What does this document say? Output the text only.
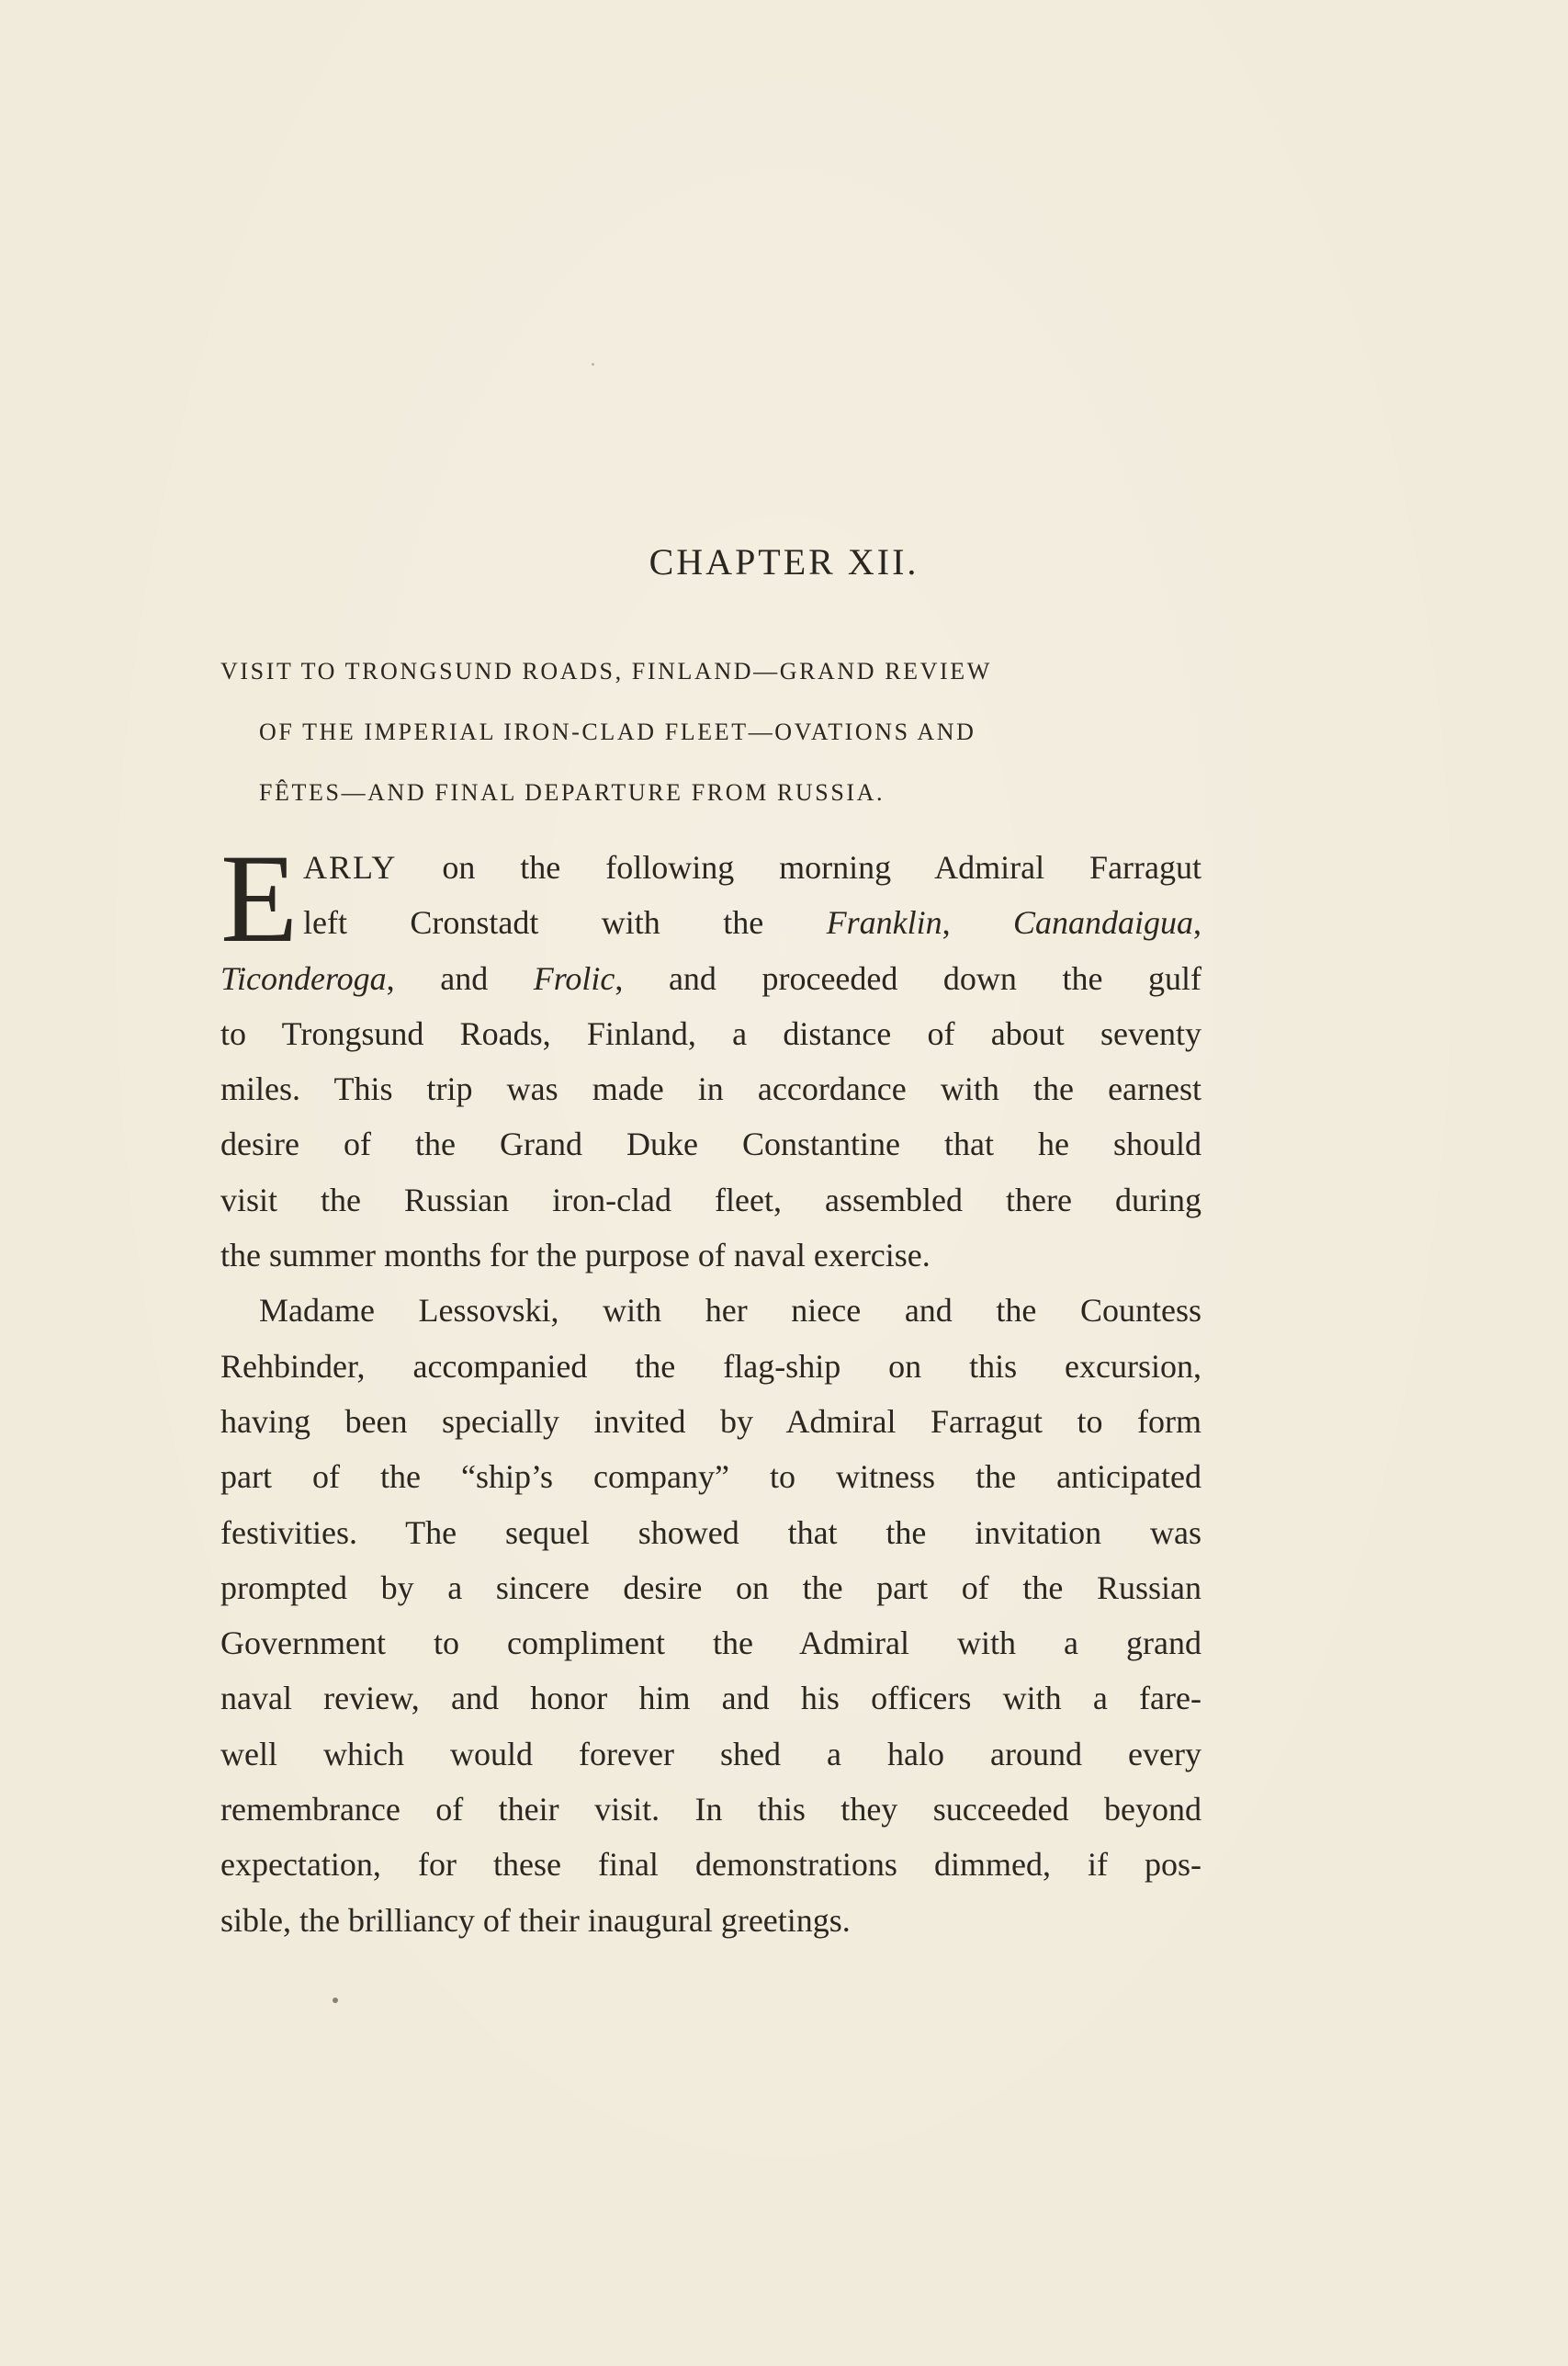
CHAPTER XII.

VISIT TO TRONGSUND ROADS, FINLAND—GRAND REVIEW
OF THE IMPERIAL IRON-CLAD FLEET—OVATIONS AND
FÊTES—AND FINAL DEPARTURE FROM RUSSIA.

E ARLY on the following morning Admiral Farragut
left Cronstadt with the Franklin, Canandaigua,
Ticonderoga, and Frolic, and proceeded down the gulf
to Trongsund Roads, Finland, a distance of about seventy
miles. This trip was made in accordance with the earnest
desire of the Grand Duke Constantine that he should
visit the Russian iron-clad fleet, assembled there during
the summer months for the purpose of naval exercise.
Madame Lessovski, with her niece and the Countess
Rehbinder, accompanied the flag-ship on this excursion,
having been specially invited by Admiral Farragut to form
part of the “ship’s company” to witness the anticipated
festivities. The sequel showed that the invitation was
prompted by a sincere desire on the part of the Russian
Government to compliment the Admiral with a grand
naval review, and honor him and his officers with a fare-
well which would forever shed a halo around every
remembrance of their visit. In this they succeeded beyond
expectation, for these final demonstrations dimmed, if pos-
sible, the brilliancy of their inaugural greetings.
